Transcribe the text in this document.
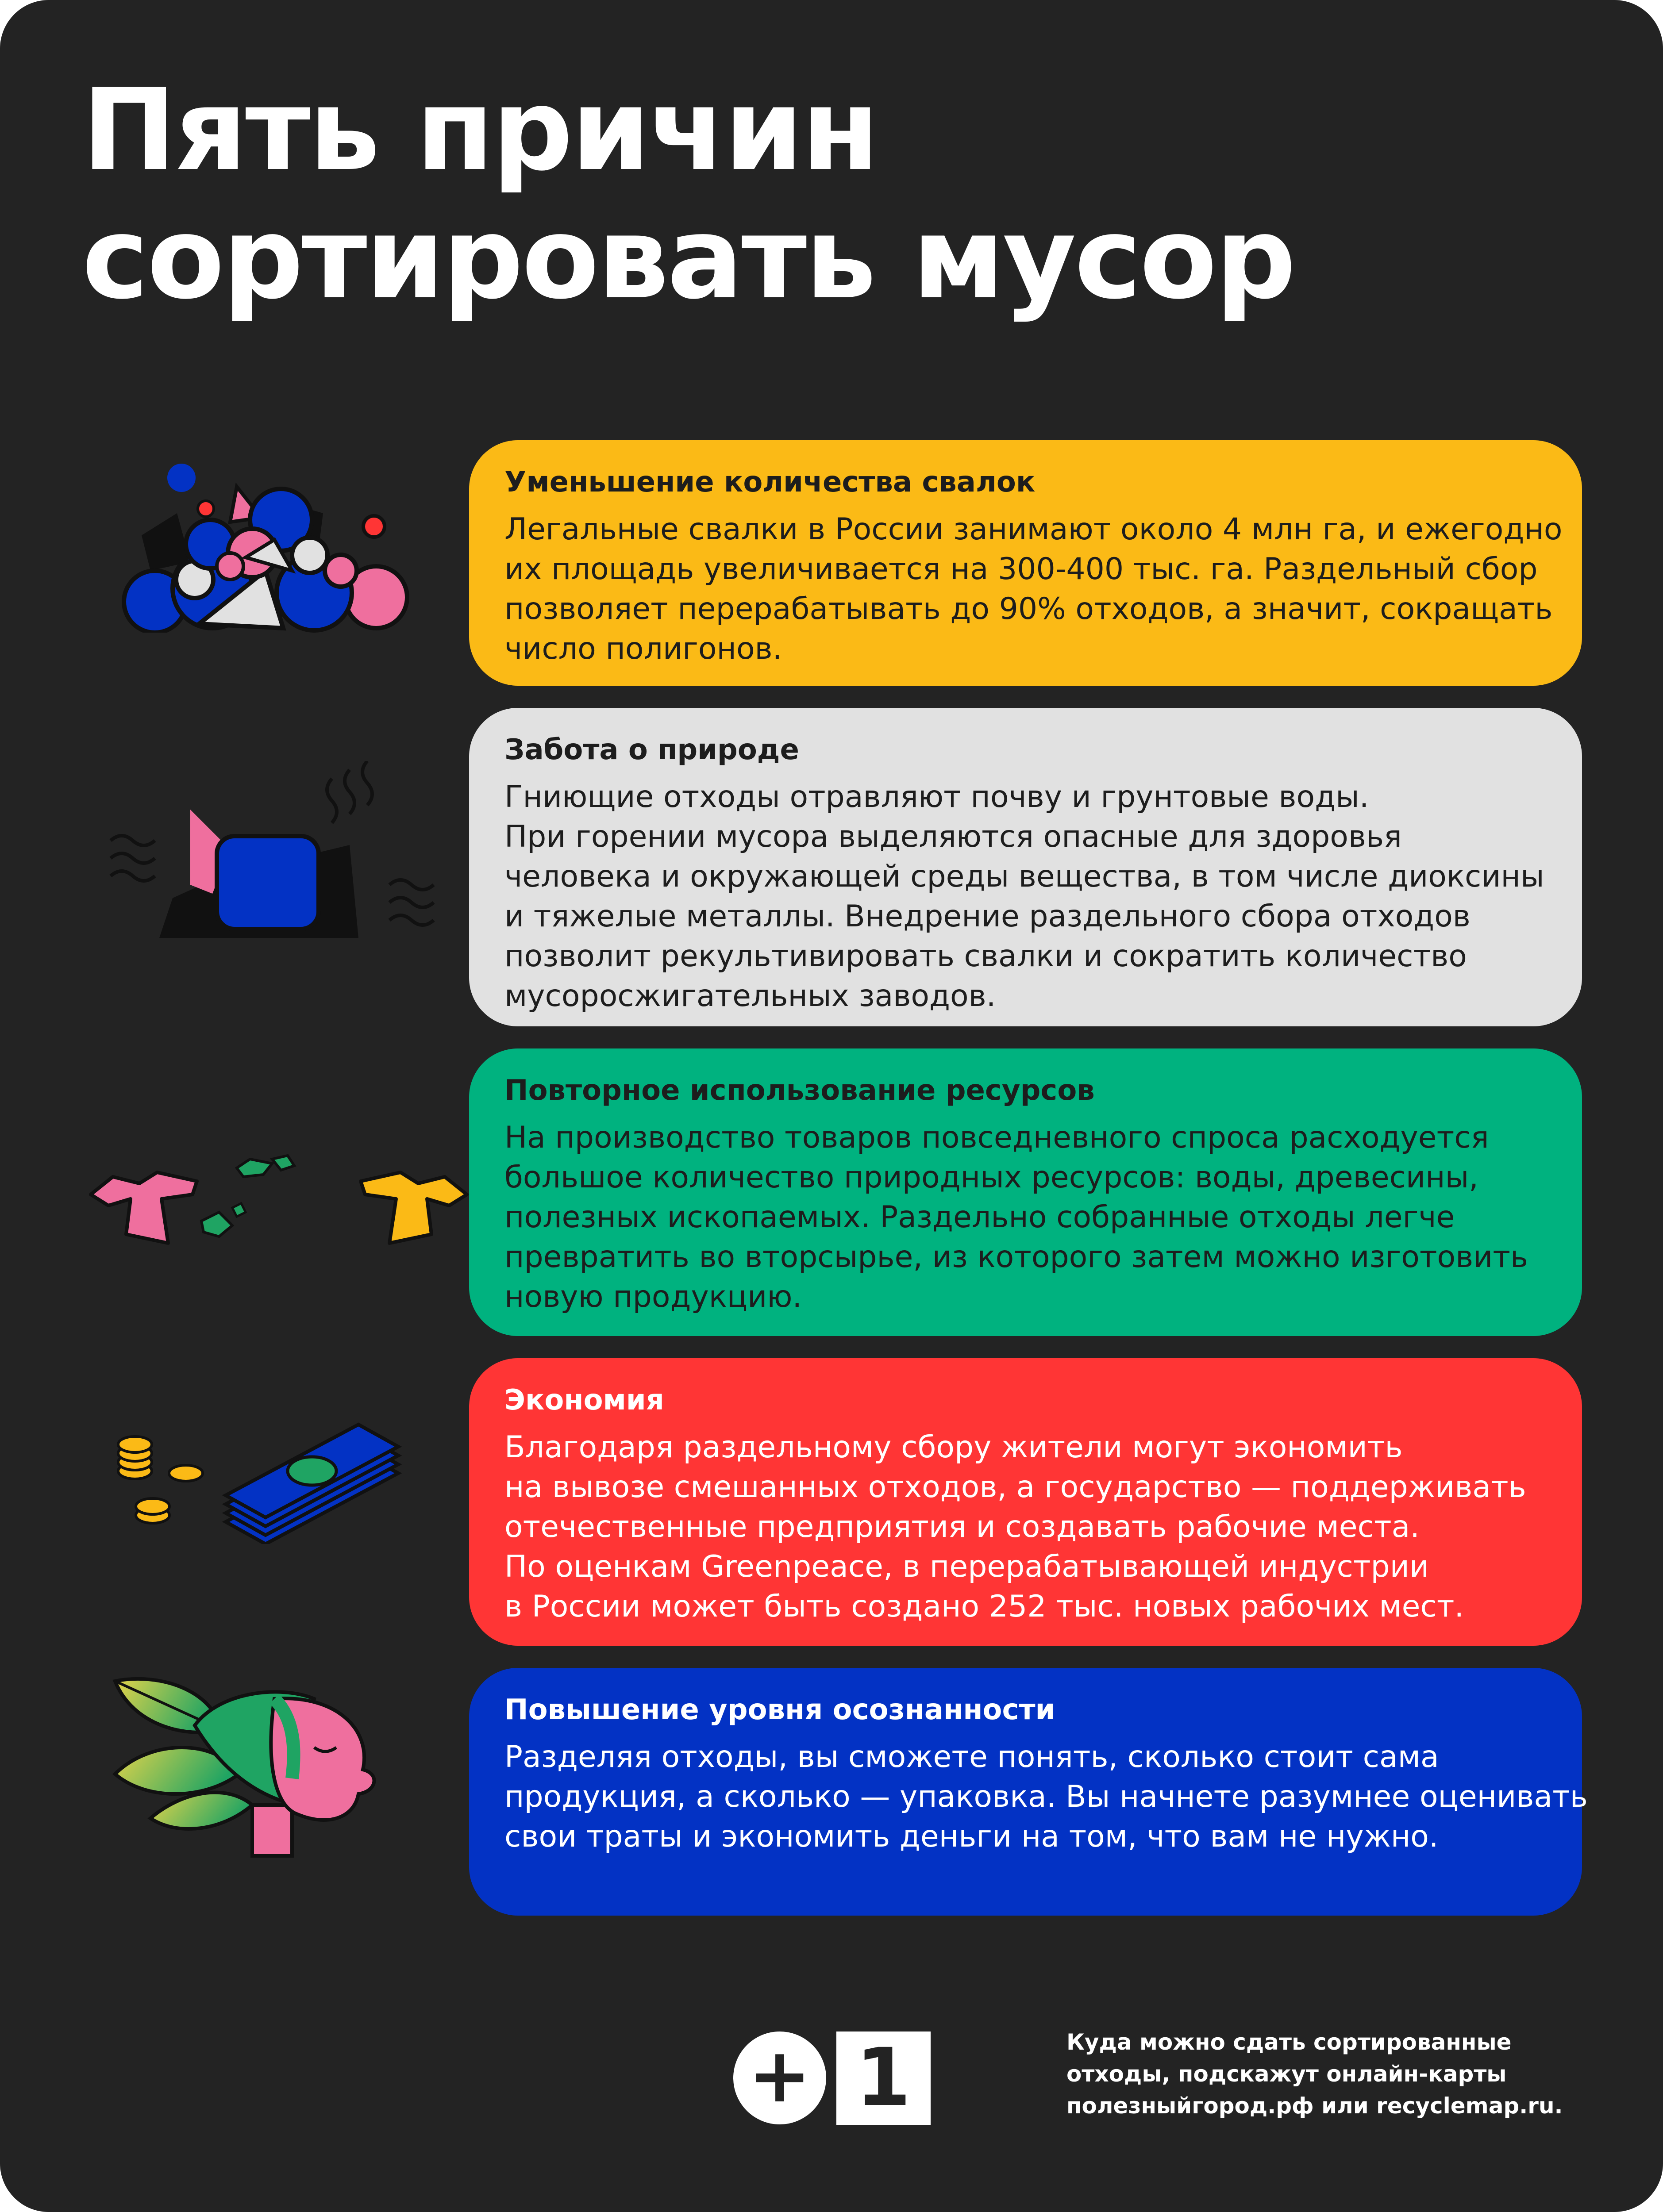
Пять причин
сортировать мусор
Уменьшение количества свалок

Легальные свалки в России занимают около 4 млн га, и ежегодно
их площадь увеличивается на 300-400 тыс. га. Раздельный сбор
позволяет перерабатывать до 90% отходов, а значит, сокращать
число полигонов.

Забота о природе

Гниющие отходы отравляют почву и грунтовые воды.
При горении мусора выделяются опасные для здоровья
человека и окружающей среды вещества, в том числе диоксины
и тяжелые металлы. Внедрение раздельного сбора отходов
позволит рекультивировать свалки и сократить количество
мусоросжигательных заводов.

Повторное использование ресурсов

На производство товаров повседневного спроса расходуется
большое количество природных ресурсов: воды, древесины,
полезных ископаемых. Раздельно собранные отходы легче
превратить во вторсырье, из которого затем можно изготовить
новую продукцию.

Экономия

Благодаря раздельному сбору жители могут экономить
на вывозе смешанных отходов, а государство — поддерживать
отечественные предприятия и создавать рабочие места.
По оценкам Greenpeace, в перерабатывающей индустрии
в России может быть создано 252 тыс. новых рабочих мест.

Повышение уровня осознанности

Разделяя отходы, вы сможете понять, сколько стоит сама
продукция, а сколько — упаковка. Вы начнете разумнее оценивать
свои траты и экономить деньги на том, что вам не нужно.

+ 1	Куда можно сдать сортированные
отходы, подскажут онлайн-карты
полезныйгород.рф или recyclemap.ru.
